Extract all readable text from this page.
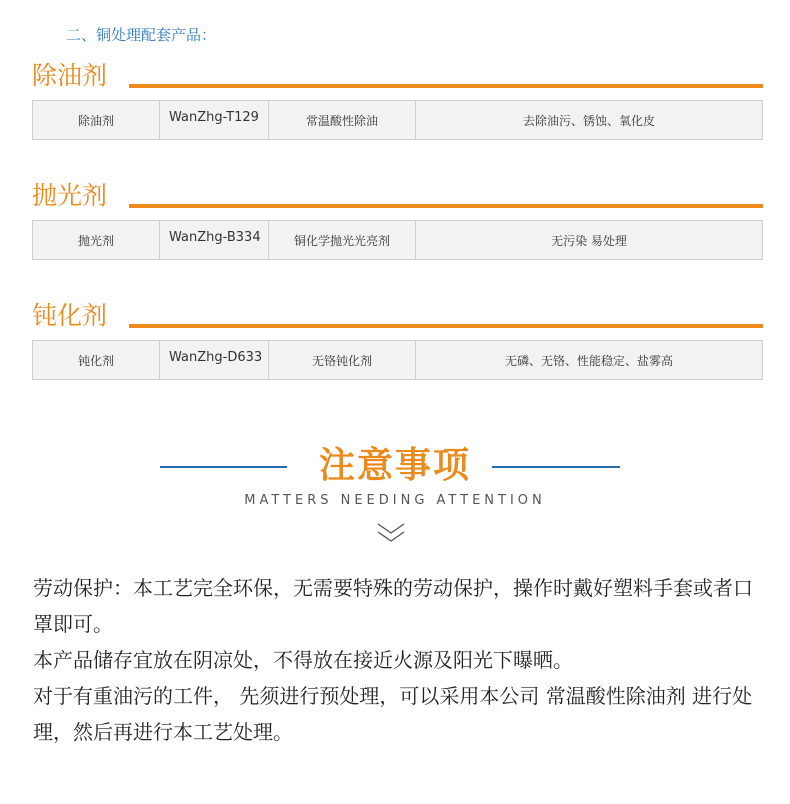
二、铜处理配套产品：
除油剂
除油剂	WanZhg-T129	常温酸性除油	去除油污、锈蚀、氧化皮
抛光剂
抛光剂	WanZhg-B334	铜化学抛光光亮剂	无污染 易处理
钝化剂
钝化剂	WanZhg-D633	无铬钝化剂	无磷、无铬、性能稳定、盐雾高
注意事项
MATTERS NEEDING ATTENTION

劳动保护：本工艺完全环保，无需要特殊的劳动保护，操作时戴好塑料手套或者口罩即可。

本产品储存宜放在阴凉处，不得放在接近火源及阳光下曝晒。

对于有重油污的工件， 先须进行预处理，可以采用本公司 常温酸性除油剂 进行处理，然后再进行本工艺处理。
